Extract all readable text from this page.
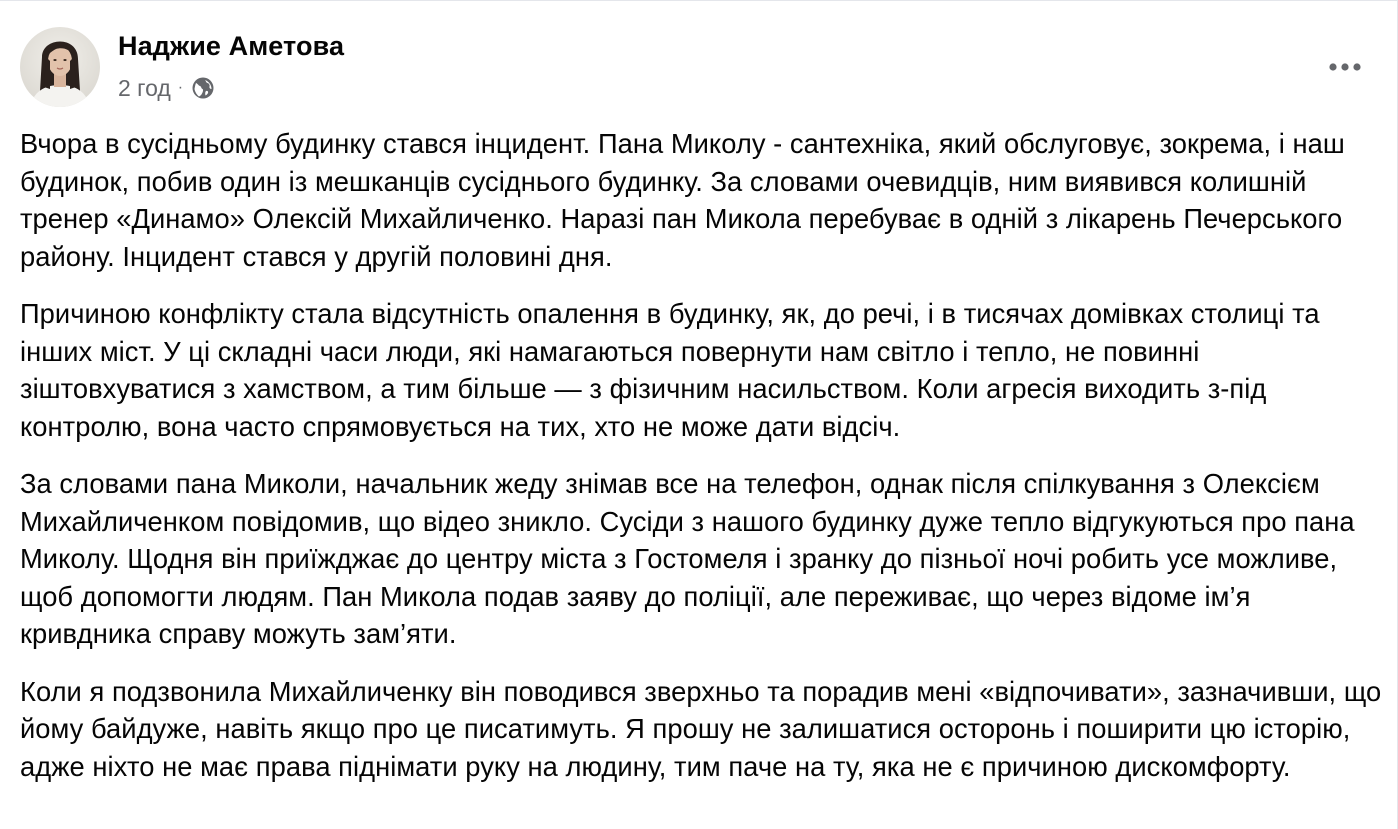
Наджие Аметова
2 год ·

Вчора в сусідньому будинку стався інцидент. Пана Миколу - сантехніка, який обслуговує, зокрема, і наш будинок, побив один із мешканців сусіднього будинку. За словами очевидців, ним виявився колишній тренер «Динамо» Олексій Михайличенко. Наразі пан Микола перебуває в одній з лікарень Печерського району. Інцидент стався у другій половині дня.

Причиною конфлікту стала відсутність опалення в будинку, як, до речі, і в тисячах домівках столиці та інших міст. У ці складні часи люди, які намагаються повернути нам світло і тепло, не повинні зіштовхуватися з хамством, а тим більше — з фізичним насильством. Коли агресія виходить з-під контролю, вона часто спрямовується на тих, хто не може дати відсіч.

За словами пана Миколи, начальник жеду знімав все на телефон, однак після спілкування з Олексієм Михайличенком повідомив, що відео зникло. Сусіди з нашого будинку дуже тепло відгукуються про пана Миколу. Щодня він приїжджає до центру міста з Гостомеля і зранку до пізньої ночі робить усе можливе, щоб допомогти людям. Пан Микола подав заяву до поліції, але переживає, що через відоме ім’я кривдника справу можуть зам’яти.

Коли я подзвонила Михайличенку він поводився зверхньо та порадив мені «відпочивати», зазначивши, що йому байдуже, навіть якщо про це писатимуть. Я прошу не залишатися осторонь і поширити цю історію, адже ніхто не має права піднімати руку на людину, тим паче на ту, яка не є причиною дискомфорту.
